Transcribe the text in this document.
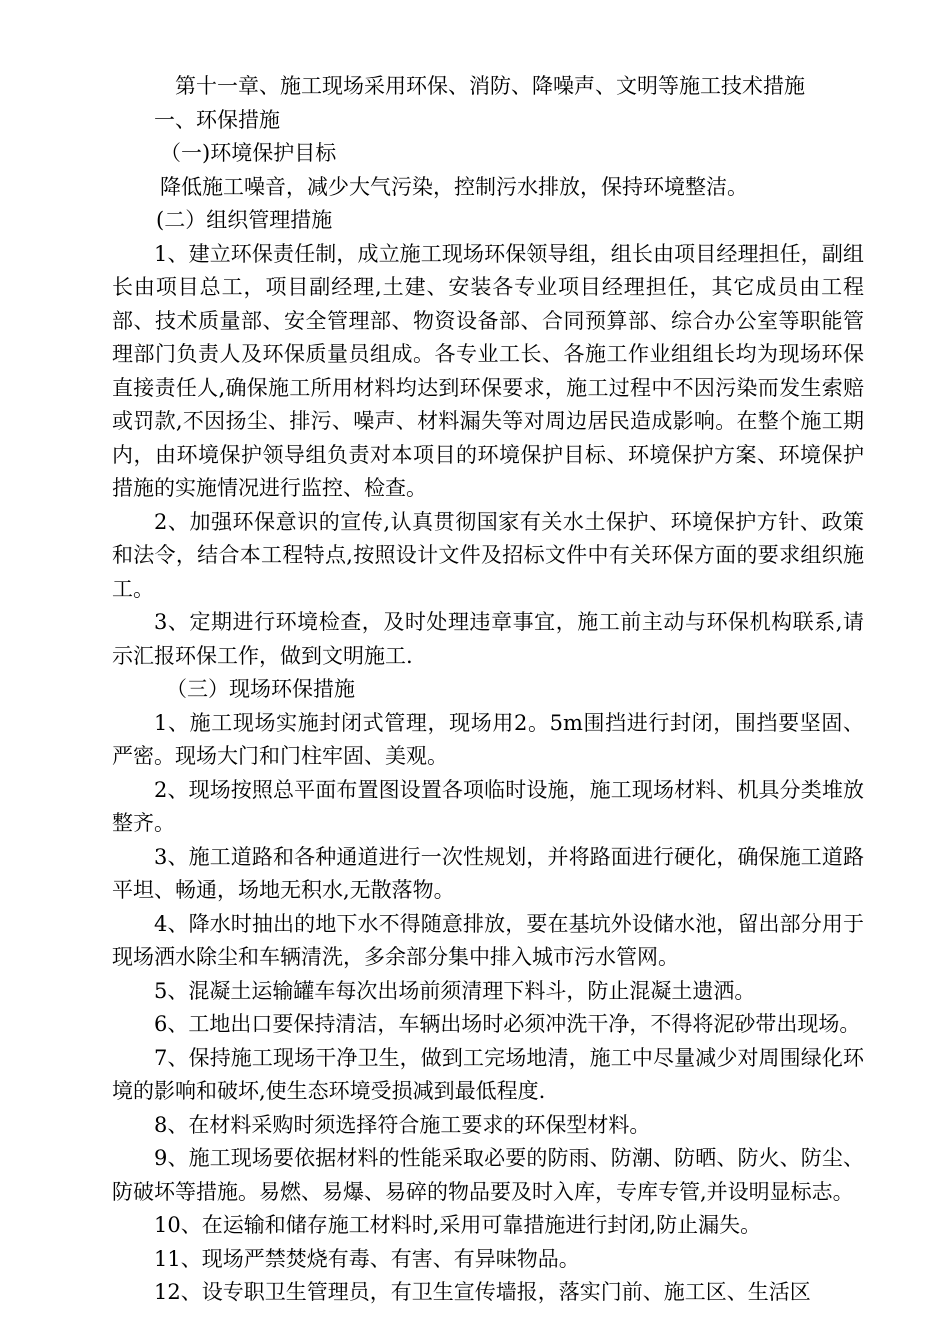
第十一章、施工现场采用环保、消防、降噪声、文明等施工技术措施

一、环保措施

（一)环境保护目标

降低施工噪音，减少大气污染，控制污水排放，保持环境整洁。

(二）组织管理措施

1、建立环保责任制，成立施工现场环保领导组，组长由项目经理担任，副组长由项目总工，项目副经理,土建、安装各专业项目经理担任，其它成员由工程部、技术质量部、安全管理部、物资设备部、合同预算部、综合办公室等职能管理部门负责人及环保质量员组成。各专业工长、各施工作业组组长均为现场环保直接责任人,确保施工所用材料均达到环保要求，施工过程中不因污染而发生索赔或罚款,不因扬尘、排污、噪声、材料漏失等对周边居民造成影响。在整个施工期内，由环境保护领导组负责对本项目的环境保护目标、环境保护方案、环境保护措施的实施情况进行监控、检查。

2、加强环保意识的宣传,认真贯彻国家有关水土保护、环境保护方针、政策和法令，结合本工程特点,按照设计文件及招标文件中有关环保方面的要求组织施工。

3、定期进行环境检查，及时处理违章事宜，施工前主动与环保机构联系,请示汇报环保工作，做到文明施工.

（三）现场环保措施

1、施工现场实施封闭式管理，现场用2。5m围挡进行封闭，围挡要坚固、严密。现场大门和门柱牢固、美观。

2、现场按照总平面布置图设置各项临时设施，施工现场材料、机具分类堆放整齐。

3、施工道路和各种通道进行一次性规划，并将路面进行硬化，确保施工道路平坦、畅通，场地无积水,无散落物。

4、降水时抽出的地下水不得随意排放，要在基坑外设储水池，留出部分用于现场洒水除尘和车辆清洗，多余部分集中排入城市污水管网。

5、混凝土运输罐车每次出场前须清理下料斗，防止混凝土遗洒。

6、工地出口要保持清洁，车辆出场时必须冲洗干净，不得将泥砂带出现场。

7、保持施工现场干净卫生，做到工完场地清，施工中尽量减少对周围绿化环境的影响和破坏,使生态环境受损减到最低程度.

8、在材料采购时须选择符合施工要求的环保型材料。

9、施工现场要依据材料的性能采取必要的防雨、防潮、防晒、防火、防尘、防破坏等措施。易燃、易爆、易碎的物品要及时入库，专库专管,并设明显标志。

10、在运输和储存施工材料时,采用可靠措施进行封闭,防止漏失。

11、现场严禁焚烧有毒、有害、有异味物品。

12、设专职卫生管理员，有卫生宣传墙报，落实门前、施工区、生活区
